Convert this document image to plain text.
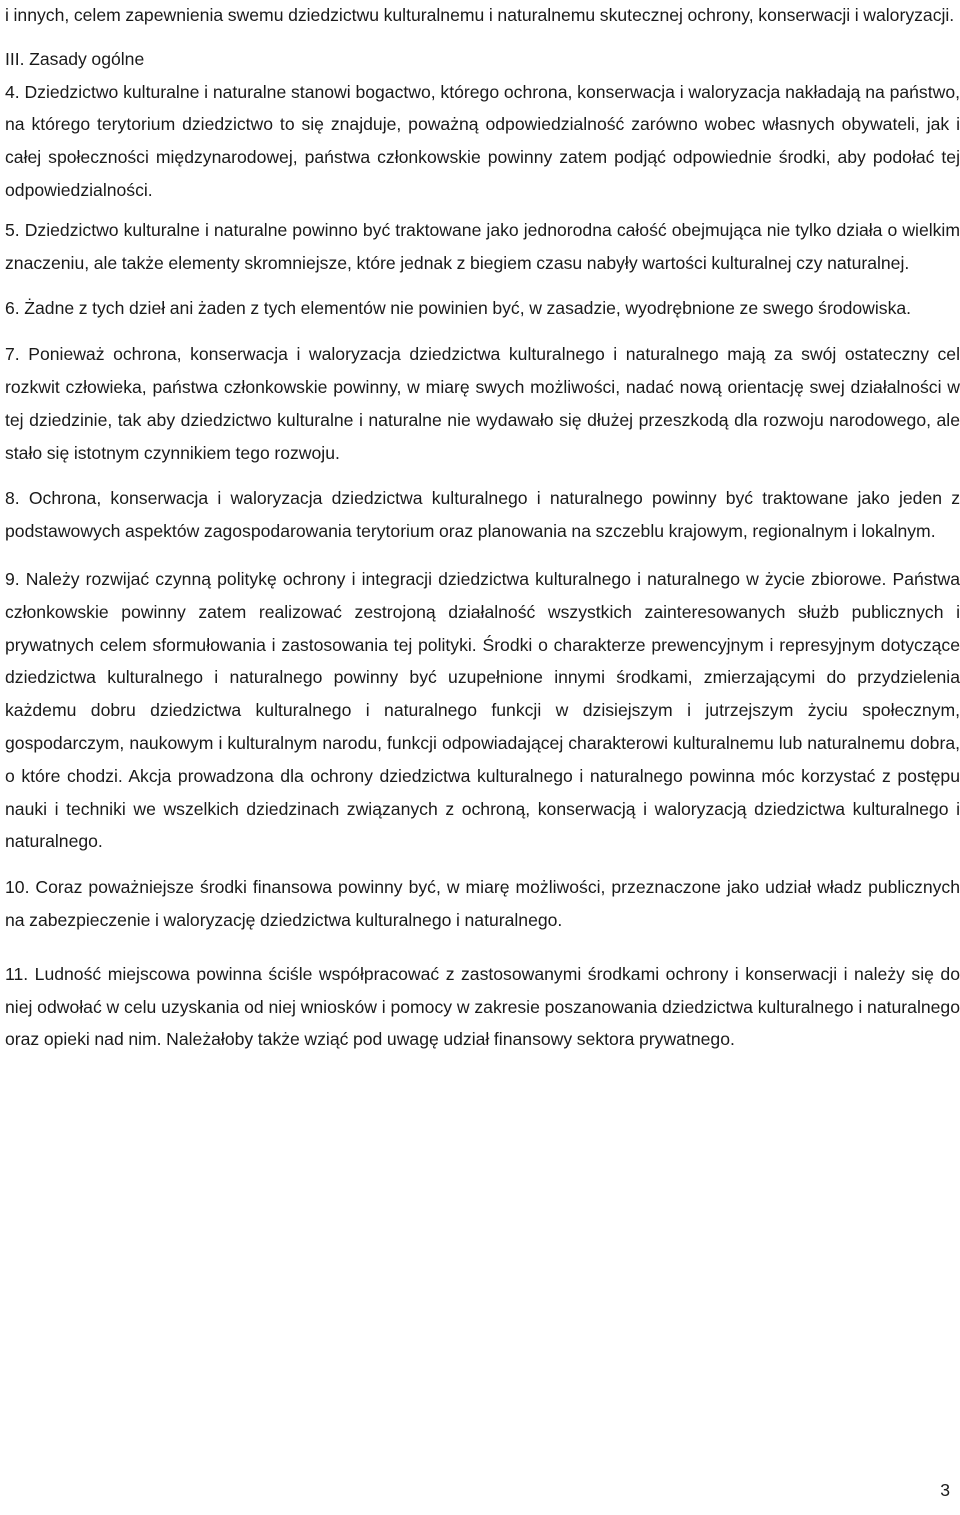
i innych, celem zapewnienia swemu dziedzictwu kulturalnemu i naturalnemu skutecznej ochrony, konserwacji i waloryzacji.

III. Zasady ogólne

4. Dziedzictwo kulturalne i naturalne stanowi bogactwo, którego ochrona, konserwacja i waloryzacja nakładają na państwo, na którego terytorium dziedzictwo to się znajduje, poważną odpowiedzialność zarówno wobec własnych obywateli, jak i całej społeczności międzynarodowej, państwa członkowskie powinny zatem podjąć odpowiednie środki, aby podołać tej odpowiedzialności.

5. Dziedzictwo kulturalne i naturalne powinno być traktowane jako jednorodna całość obejmująca nie tylko działa o wielkim znaczeniu, ale także elementy skromniejsze, które jednak z biegiem czasu nabyły wartości kulturalnej czy naturalnej.

6. Żadne z tych dzieł ani żaden z tych elementów nie powinien być, w zasadzie, wyodrębnione ze swego środowiska.

7. Ponieważ ochrona, konserwacja i waloryzacja dziedzictwa kulturalnego i naturalnego mają za swój ostateczny cel rozkwit człowieka, państwa członkowskie powinny, w miarę swych możliwości, nadać nową orientację swej działalności w tej dziedzinie, tak aby dziedzictwo kulturalne i naturalne nie wydawało się dłużej przeszkodą dla rozwoju narodowego, ale stało się istotnym czynnikiem tego rozwoju.

8. Ochrona, konserwacja i waloryzacja dziedzictwa kulturalnego i naturalnego powinny być traktowane jako jeden z podstawowych aspektów zagospodarowania terytorium oraz planowania na szczeblu krajowym, regionalnym i lokalnym.

9. Należy rozwijać czynną politykę ochrony i integracji dziedzictwa kulturalnego i naturalnego w życie zbiorowe. Państwa członkowskie powinny zatem realizować zestrojoną działalność wszystkich zainteresowanych służb publicznych i prywatnych celem sformułowania i zastosowania tej polityki. Środki o charakterze prewencyjnym i represyjnym dotyczące dziedzictwa kulturalnego i naturalnego powinny być uzupełnione innymi środkami, zmierzającymi do przydzielenia każdemu dobru dziedzictwa kulturalnego i naturalnego funkcji w dzisiejszym i jutrzejszym życiu społecznym, gospodarczym, naukowym i kulturalnym narodu, funkcji odpowiadającej charakterowi kulturalnemu lub naturalnemu dobra, o które chodzi. Akcja prowadzona dla ochrony dziedzictwa kulturalnego i naturalnego powinna móc korzystać z postępu nauki i techniki we wszelkich dziedzinach związanych z ochroną, konserwacją i waloryzacją dziedzictwa kulturalnego i naturalnego.

10. Coraz poważniejsze środki finansowa powinny być, w miarę możliwości, przeznaczone jako udział władz publicznych na zabezpieczenie i waloryzację dziedzictwa kulturalnego i naturalnego.

11. Ludność miejscowa powinna ściśle współpracować z zastosowanymi środkami ochrony i konserwacji i należy się do niej odwołać w celu uzyskania od niej wniosków i pomocy w zakresie poszanowania dziedzictwa kulturalnego i naturalnego oraz opieki nad nim. Należałoby także wziąć pod uwagę udział finansowy sektora prywatnego.

3
